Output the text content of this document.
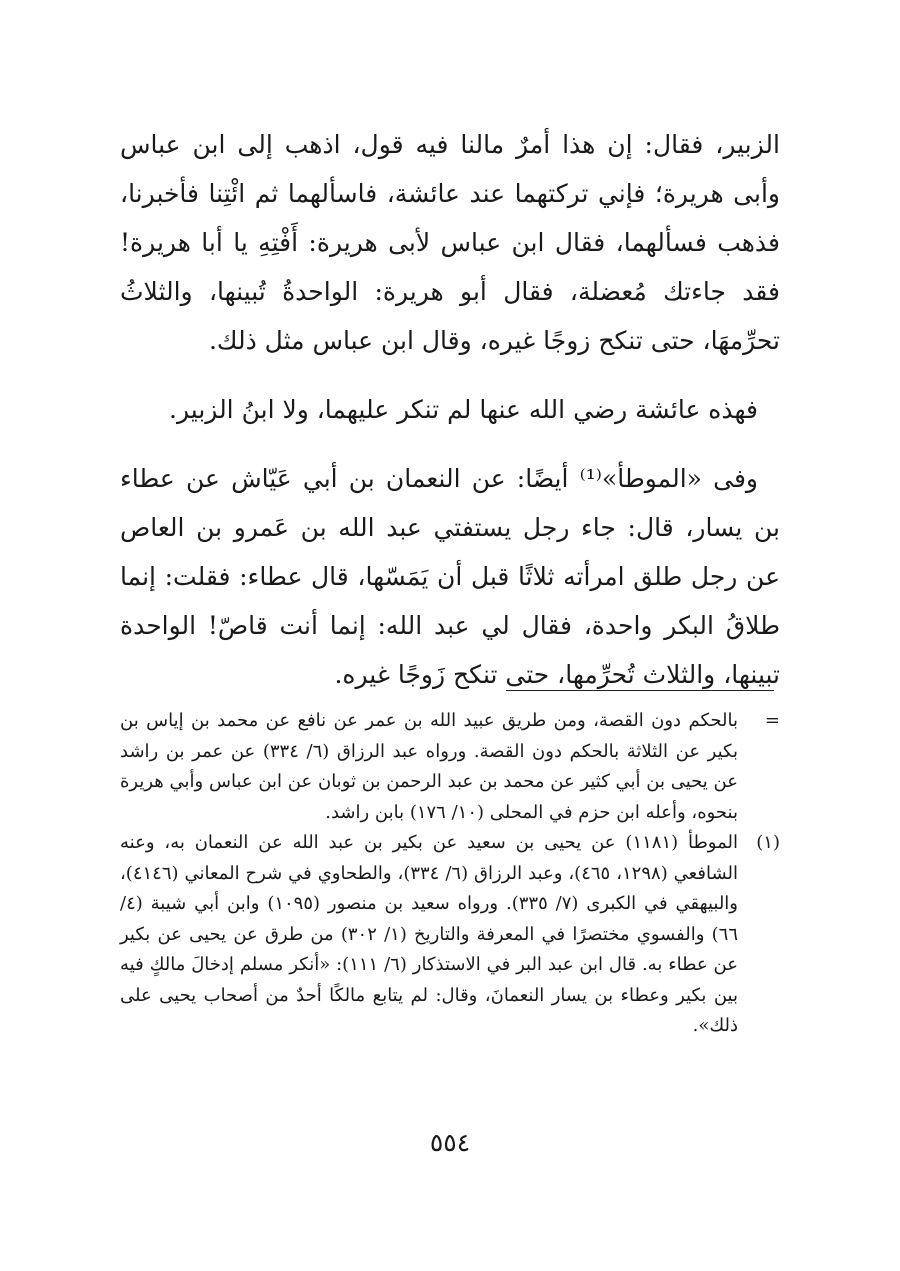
الزبير، فقال: إن هذا أمرٌ مالنا فيه قول، اذهب إلى ابن عباس وأبى هريرة؛ فإني تركتهما عند عائشة، فاسألهما ثم ائْتِنا فأخبرنا، فذهب فسألهما، فقال ابن عباس لأبى هريرة: أَفْتِهِ يا أبا هريرة! فقد جاءتك مُعضلة، فقال أبو هريرة: الواحدةُ تُبينها، والثلاثُ تحرِّمهَا، حتى تنكح زوجًا غيره، وقال ابن عباس مثل ذلك.

فهذه عائشة رضي الله عنها لم تنكر عليهما، ولا ابنُ الزبير.

وفى «الموطأ»⁽¹⁾ أيضًا: عن النعمان بن أبي عَيّاش عن عطاء بن يسار، قال: جاء رجل يستفتي عبد الله بن عَمرو بن العاص عن رجل طلق امرأته ثلاثًا قبل أن يَمَسّها، قال عطاء: فقلت: إنما طلاقُ البكر واحدة، فقال لي عبد الله: إنما أنت قاصّ! الواحدة تبينها، والثلاث تُحرِّمها، حتى تنكح زَوجًا غيره.

=
بالحكم دون القصة، ومن طريق عبيد الله بن عمر عن نافع عن محمد بن إياس بن بكير عن الثلاثة بالحكم دون القصة. ورواه عبد الرزاق (٦/ ٣٣٤) عن عمر بن راشد عن يحيى بن أبي كثير عن محمد بن عبد الرحمن بن ثوبان عن ابن عباس وأبي هريرة بنحوه، وأعله ابن حزم في المحلى (١٠/ ١٧٦) بابن راشد.
(١)
الموطأ (١١٨١) عن يحيى بن سعيد عن بكير بن عبد الله عن النعمان به، وعنه الشافعي (١٢٩٨، ٤٦٥)، وعبد الرزاق (٦/ ٣٣٤)، والطحاوي في شرح المعاني (٤١٤٦)، والبيهقي في الكبرى (٧/ ٣٣٥). ورواه سعيد بن منصور (١٠٩٥) وابن أبي شيبة (٤/ ٦٦) والفسوي مختصرًا في المعرفة والتاريخ (١/ ٣٠٢) من طرق عن يحيى عن بكير عن عطاء به. قال ابن عبد البر في الاستذكار (٦/ ١١١): «أنكر مسلم إدخالَ مالكٍ فيه بين بكير وعطاء بن يسار النعمانَ، وقال: لم يتابع مالكًا أحدٌ من أصحاب يحيى على ذلك».
٥٥٤
